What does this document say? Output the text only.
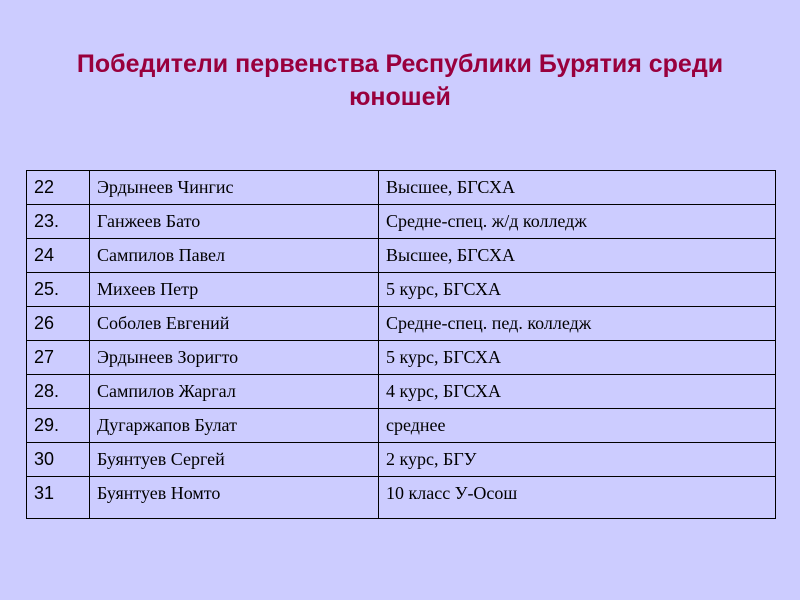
Победители первенства Республики Бурятия среди
юношей
22	Эрдынеев Чингис	Высшее, БГСХА
23.	Ганжеев Бато	Средне-спец. ж/д колледж
24	Сампилов Павел	Высшее, БГСХА
25.	Михеев Петр	5 курс, БГСХА
26	Соболев Евгений	Средне-спец. пед. колледж
27	Эрдынеев Зоригто	5 курс, БГСХА
28.	Сампилов Жаргал	4 курс, БГСХА
29.	Дугаржапов Булат	среднее
30	Буянтуев Сергей	2 курс, БГУ
31	Буянтуев Номто	10 класс У-Осош
